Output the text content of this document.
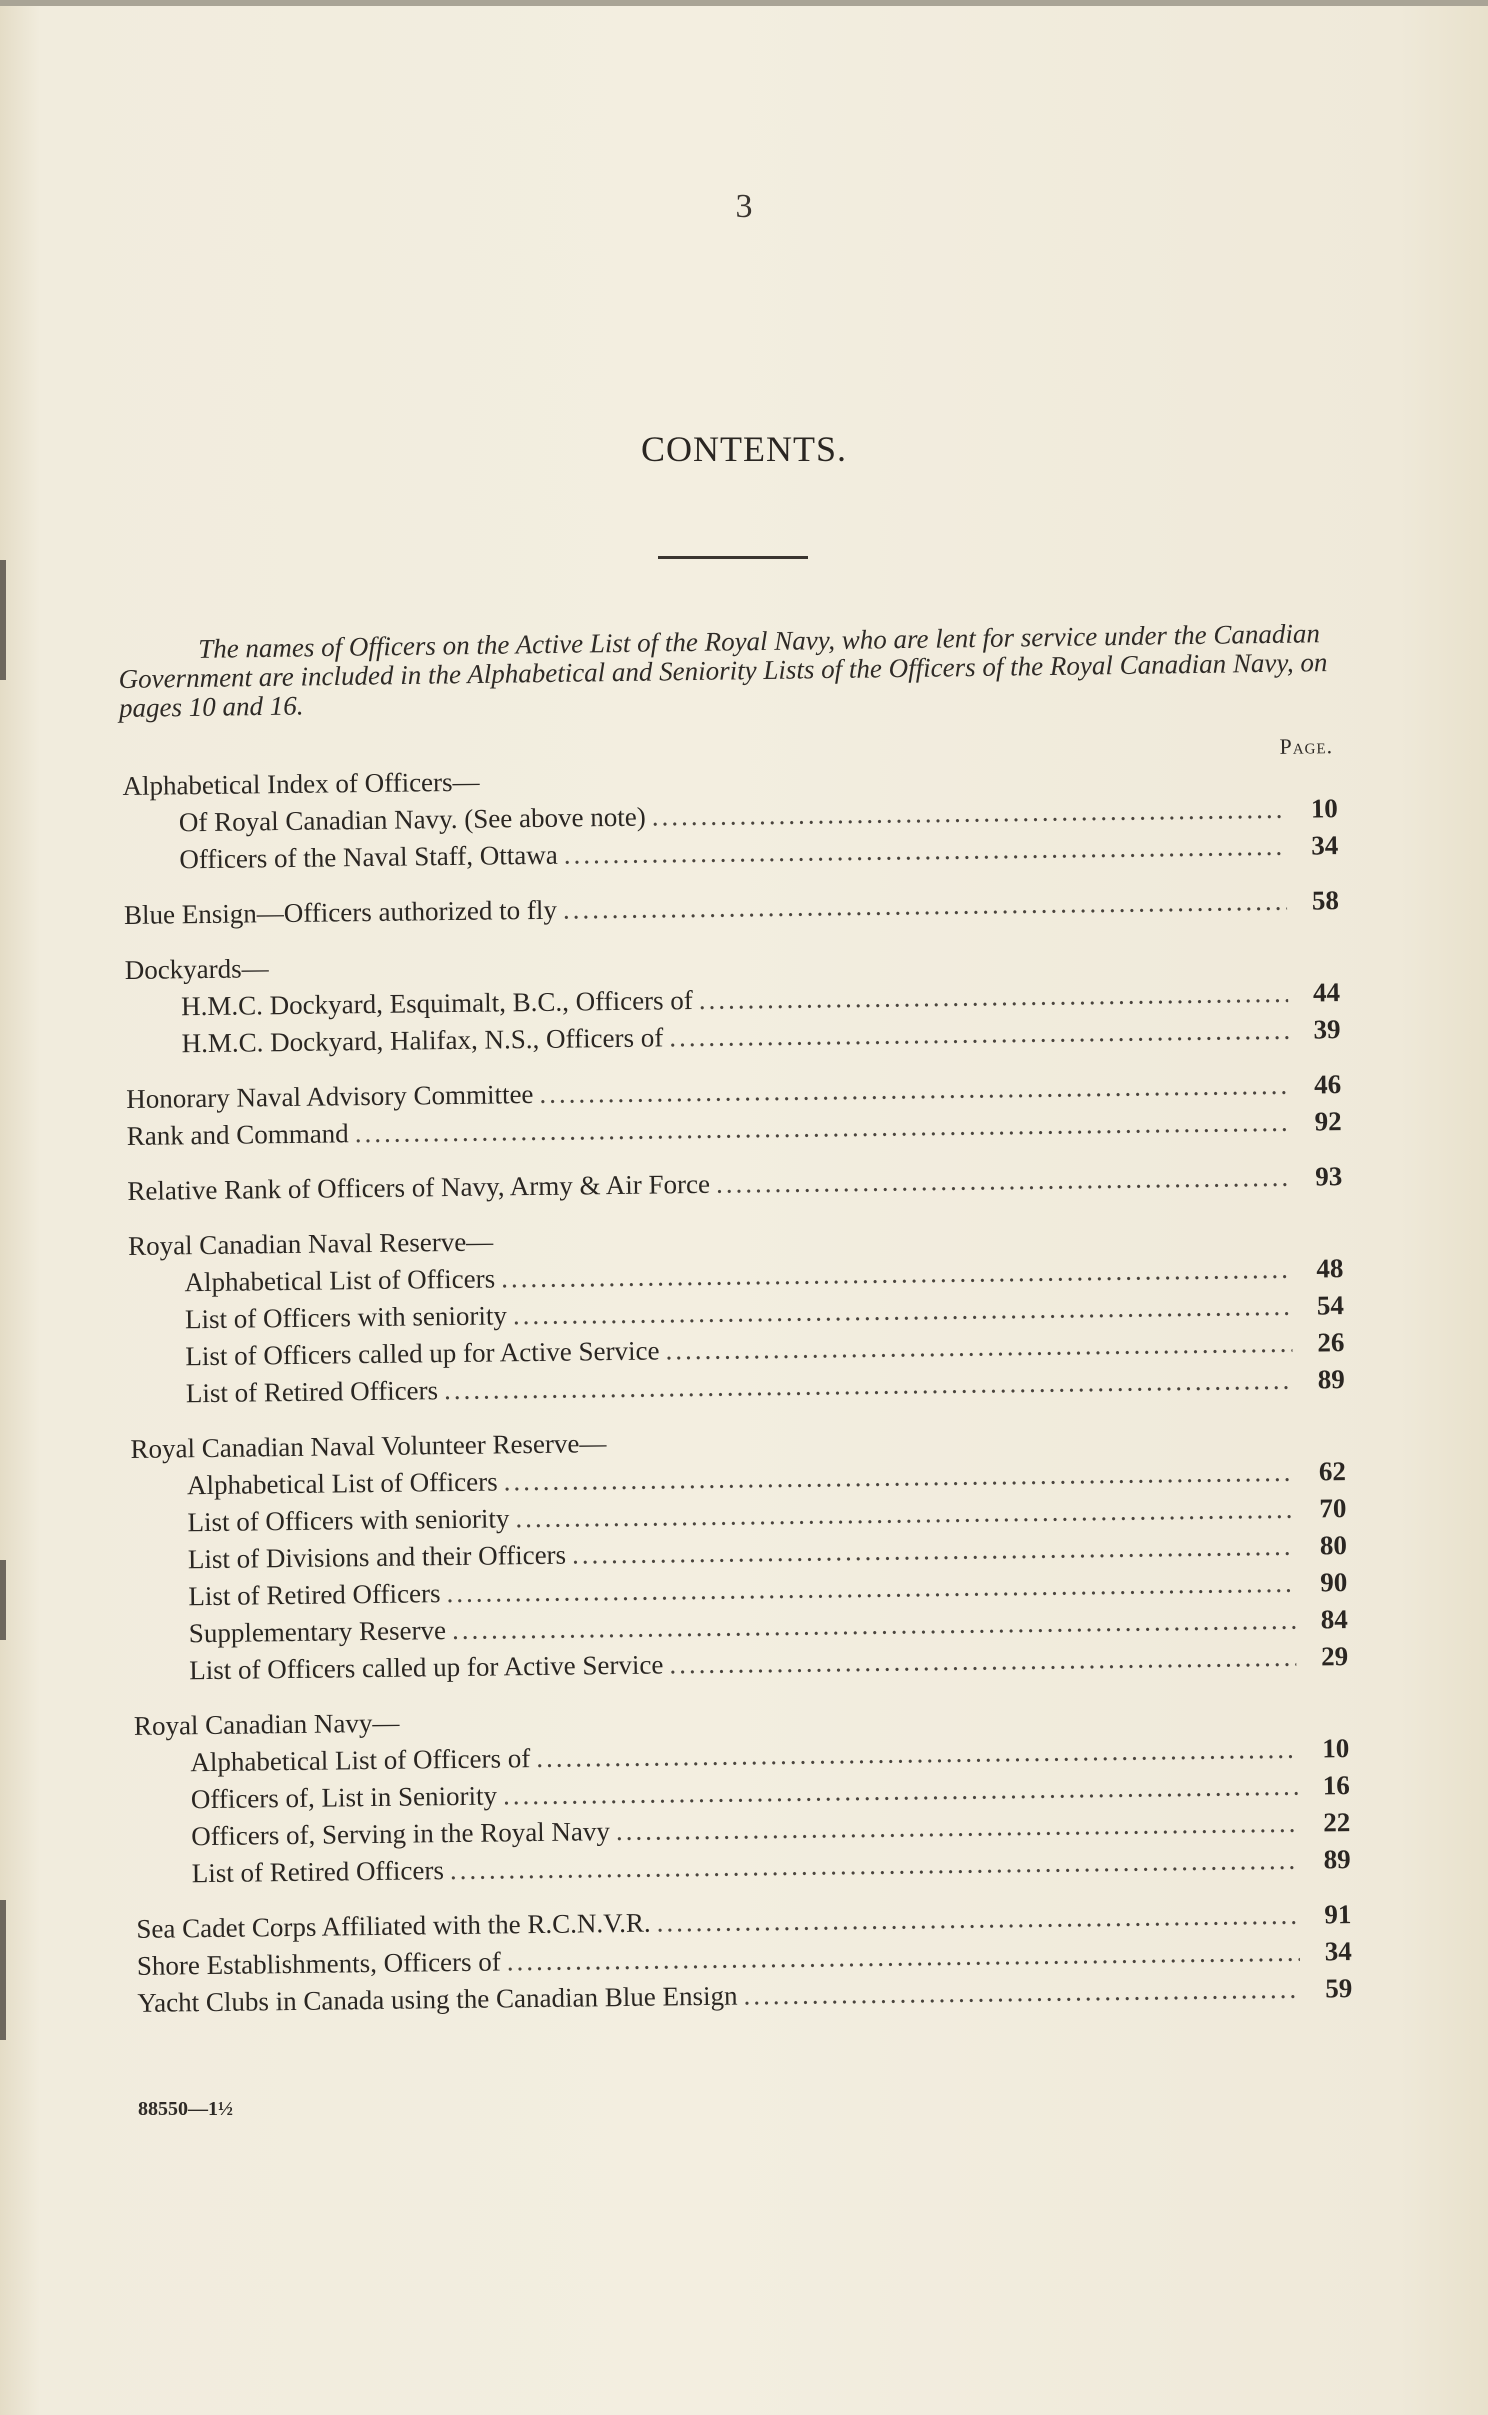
3
CONTENTS.
The names of Officers on the Active List of the Royal Navy, who are lent for service under the Canadian Government are included in the Alphabetical and Seniority Lists of the Officers of the Royal Canadian Navy, on pages 10 and 16.
Page.
Alphabetical Index of Officers—
Of Royal Canadian Navy. (See above note) .....	10
Officers of the Naval Staff, Ottawa .....	34
Blue Ensign—Officers authorized to fly .....	58
Dockyards—
H.M.C. Dockyard, Esquimalt, B.C., Officers of .....	44
H.M.C. Dockyard, Halifax, N.S., Officers of .....	39
Honorary Naval Advisory Committee .....	46
Rank and Command .....	92
Relative Rank of Officers of Navy, Army & Air Force .....	93
Royal Canadian Naval Reserve—
Alphabetical List of Officers .....	48
List of Officers with seniority .....	54
List of Officers called up for Active Service .....	26
List of Retired Officers .....	89
Royal Canadian Naval Volunteer Reserve—
Alphabetical List of Officers .....	62
List of Officers with seniority .....	70
List of Divisions and their Officers .....	80
List of Retired Officers .....	90
Supplementary Reserve .....	84
List of Officers called up for Active Service .....	29
Royal Canadian Navy—
Alphabetical List of Officers of .....	10
Officers of, List in Seniority .....	16
Officers of, Serving in the Royal Navy .....	22
List of Retired Officers .....	89
Sea Cadet Corps Affiliated with the R.C.N.V.R. .....	91
Shore Establishments, Officers of .....	34
Yacht Clubs in Canada using the Canadian Blue Ensign .....	59
88550—1½
